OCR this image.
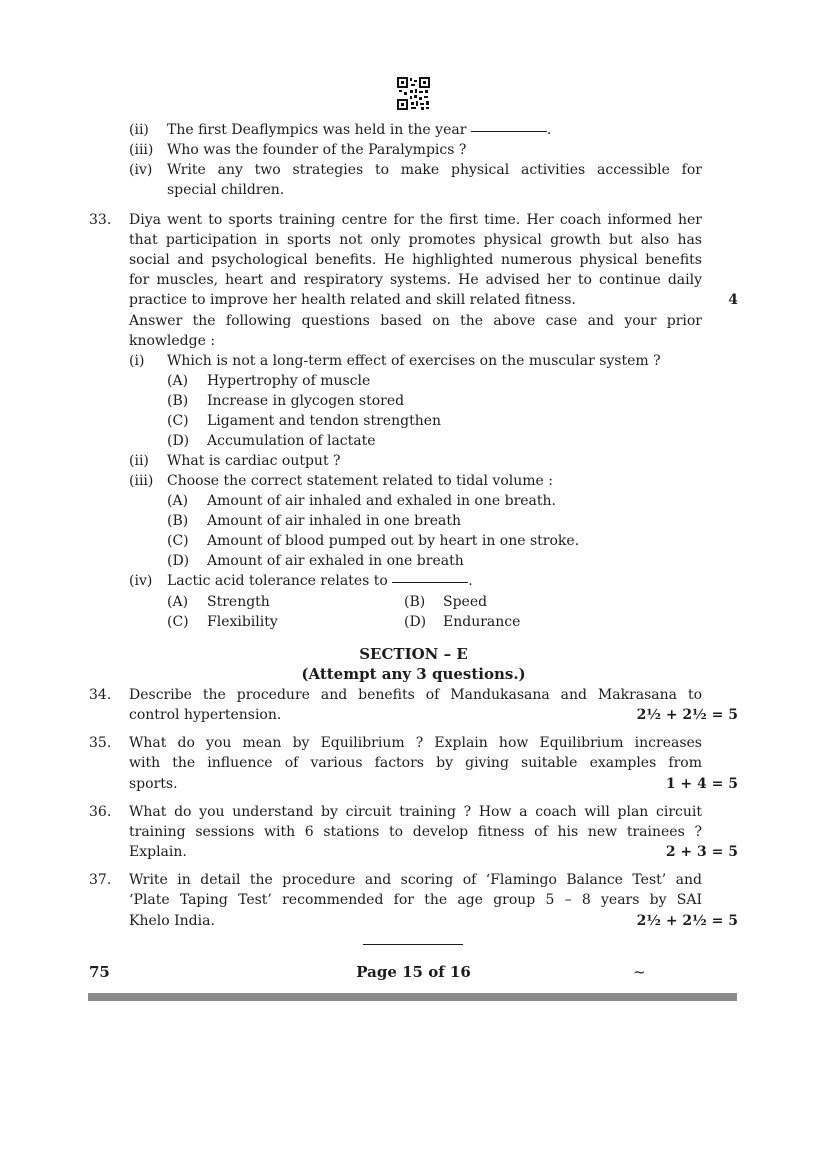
(ii) The first Deaflympics was held in the year	.
(iii) Who was the founder of the Paralympics ?
(iv) Write any two strategies to make physical activities accessible for
special children.
33. Diya went to sports training centre for the first time. Her coach informed her
that participation in sports not only promotes physical growth but also has
social and psychological benefits. He highlighted numerous physical benefits
for muscles, heart and respiratory systems. He advised her to continue daily
practice to improve her health related and skill related fitness.	4
Answer the following questions based on the above case and your prior
knowledge :
(i) Which is not a long-term effect of exercises on the muscular system ?
(A) Hypertrophy of muscle
(B) Increase in glycogen stored
(C) Ligament and tendon strengthen
(D) Accumulation of lactate
(ii) What is cardiac output ?
(iii) Choose the correct statement related to tidal volume :
(A) Amount of air inhaled and exhaled in one breath.
(B) Amount of air inhaled in one breath
(C) Amount of blood pumped out by heart in one stroke.
(D) Amount of air exhaled in one breath
(iv) Lactic acid tolerance relates to	.
(A) Strength	(B) Speed
(C) Flexibility	(D) Endurance
SECTION – E
(Attempt any 3 questions.)
34. Describe the procedure and benefits of Mandukasana and Makrasana to
control hypertension.	2½ + 2½ = 5
35. What do you mean by Equilibrium ? Explain how Equilibrium increases
with the influence of various factors by giving suitable examples from
sports.	1 + 4 = 5
36. What do you understand by circuit training ? How a coach will plan circuit
training sessions with 6 stations to develop fitness of his new trainees ?
Explain.	2 + 3 = 5
37. Write in detail the procedure and scoring of ‘Flamingo Balance Test’ and
‘Plate Taping Test’ recommended for the age group 5 – 8 years by SAI
Khelo India.	2½ + 2½ = 5
75	Page 15 of 16	~
